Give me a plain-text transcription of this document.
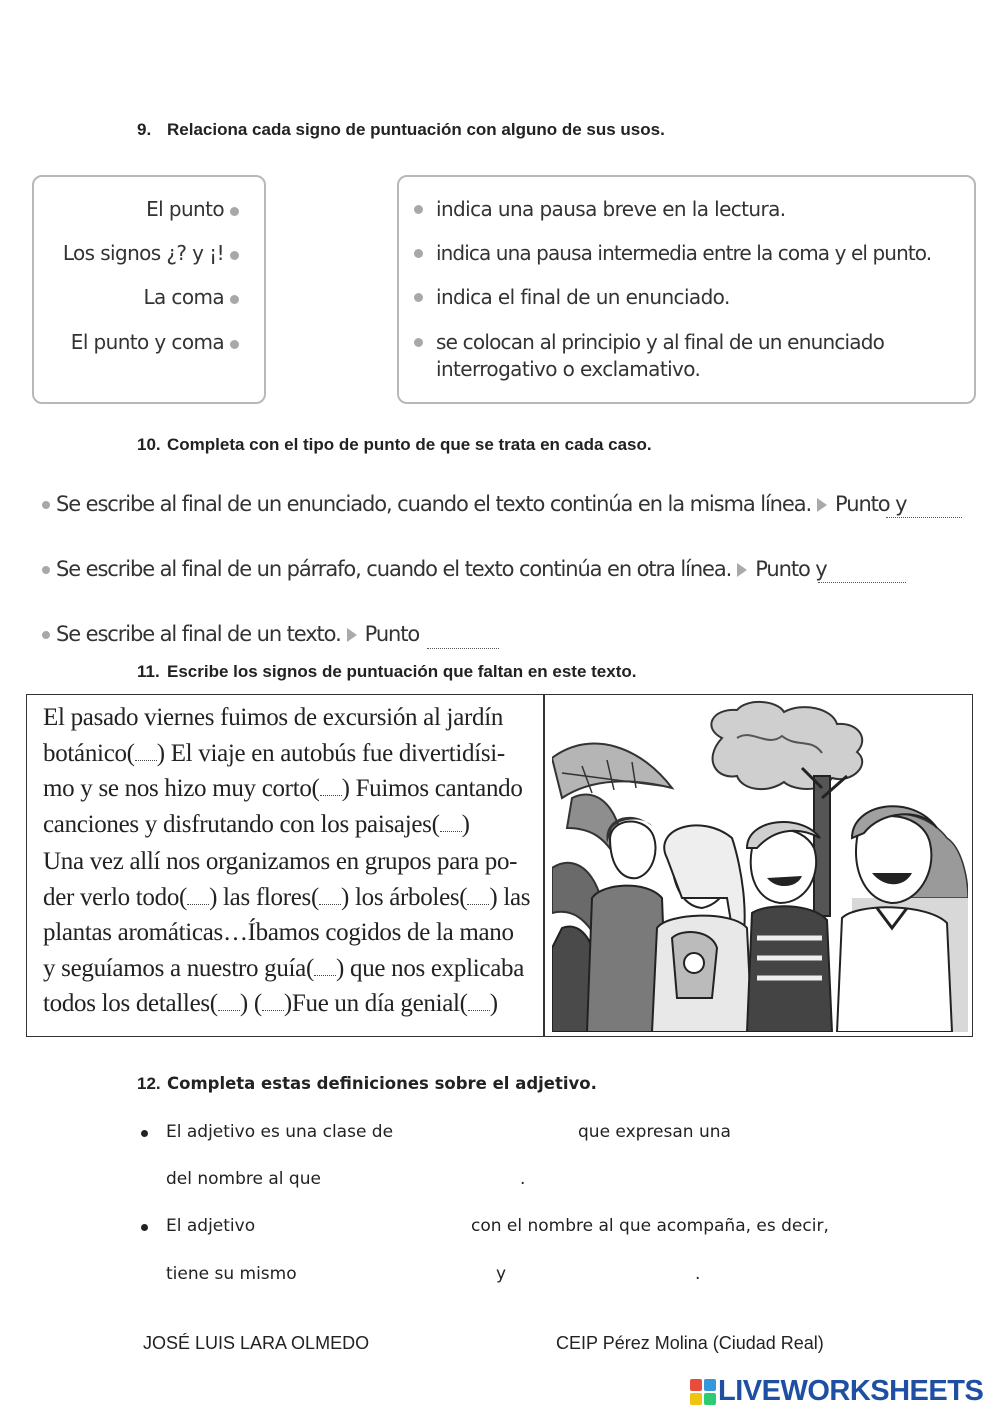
9. Relaciona cada signo de puntuación con alguno de sus usos.
El punto
Los signos ¿? y ¡!
La coma
El punto y coma
indica una pausa breve en la lectura.
indica una pausa intermedia entre la coma y el punto.
indica el final de un enunciado.
se colocan al principio y al final de un enunciado
interrogativo o exclamativo.
10. Completa con el tipo de punto de que se trata en cada caso.
Se escribe al final de un enunciado, cuando el texto continúa en la misma línea. Punto y
Se escribe al final de un párrafo, cuando el texto continúa en otra línea. Punto y
Se escribe al final de un texto. Punto
11. Escribe los signos de puntuación que faltan en este texto.
El pasado viernes fuimos de excursión al jardín
botánico( ) El viaje en autobús fue divertidísi-
mo y se nos hizo muy corto( ) Fuimos cantando
canciones y disfrutando con los paisajes( )
Una vez allí nos organizamos en grupos para po-
der verlo todo( ) las flores( ) los árboles( ) las
plantas aromáticas…Íbamos cogidos de la mano
y seguíamos a nuestro guía( ) que nos explicaba
todos los detalles( ) ( )Fue un día genial( )
12. Completa estas definiciones sobre el adjetivo.
El adjetivo es una clase de	que expresan una
del nombre al que	.
El adjetivo	con el nombre al que acompaña, es decir,
tiene su mismo	y	.
JOSÉ LUIS LARA OLMEDO	CEIP Pérez Molina (Ciudad Real)
LIVEWORKSHEETS
